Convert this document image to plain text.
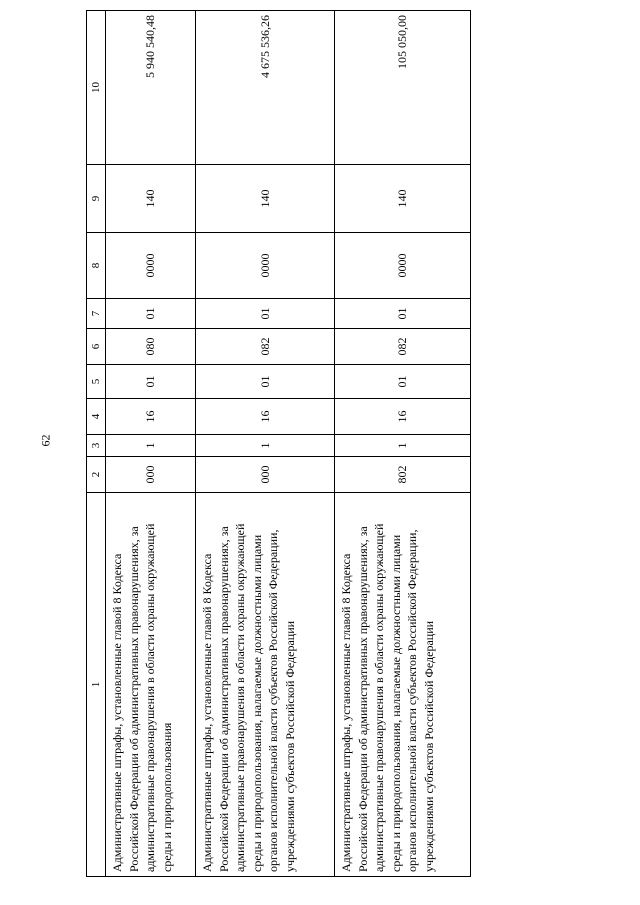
62
1	2	3	4	5	6	7	8	9	10
Административные штрафы, установленные главой 8 Кодекса Российской Федерации об административных правонарушениях, за административные правонарушения в области охраны окружающей среды и природопользования	000	1	16	01	080	01	0000	140	5 940 540,48
Административные штрафы, установленные главой 8 Кодекса Российской Федерации об административных правонарушениях, за административные правонарушения в области охраны окружающей среды и природопользования, налагаемые должностными лицами органов исполнительной власти субъектов Российской Федерации, учреждениями субъектов Российской Федерации	000	1	16	01	082	01	0000	140	4 675 536,26
Административные штрафы, установленные главой 8 Кодекса Российской Федерации об административных правонарушениях, за административные правонарушения в области охраны окружающей среды и природопользования, налагаемые должностными лицами органов исполнительной власти субъектов Российской Федерации, учреждениями субъектов Российской Федерации	802	1	16	01	082	01	0000	140	105 050,00
